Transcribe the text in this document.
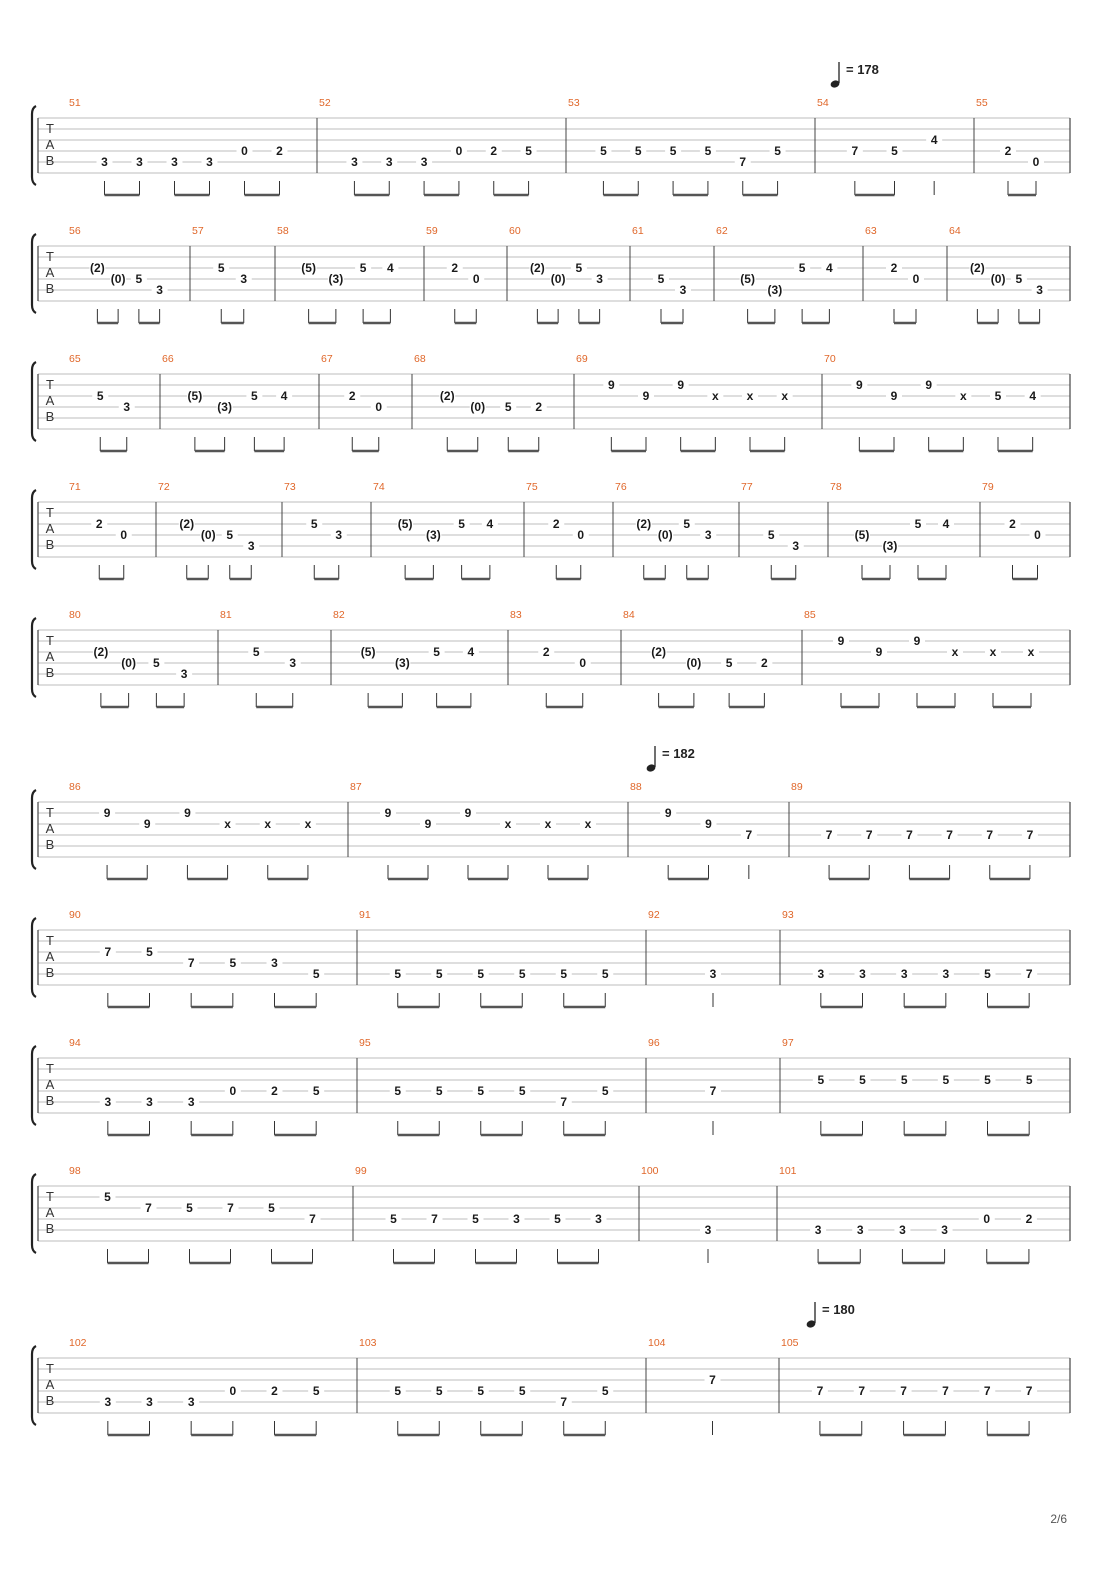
T
A
B
51
3 3 3 3
0 2
52
3 3 3
0 2 5
53
5 5 5 5
7
5
54
7	5
4
55
2
0
T
A
B
56
(2)
(0) 5
3
57
5
3
58
(5)
(3)
5 4
59
2
0
60
(2)
(0)
5
3
61
5
3
62
(5)
(3)
5 4
63
2
0
64
(2)
(0) 5
3
T
A
B
65
5
3
66
(5)
(3)
5 4
67
2
0
68
(2)
(0) 5 2
69
9
9
9
x x x
70
9
9
9
x 5 4
T
A
B
71
2
0
72
(2)
(0) 5
3
73
5
3
74
(5)
(3)
5 4
75
2
0
76
(2)
(0)
5
3
77
5
3
78
(5)
(3)
5 4
79
2
0
T
A
B
80
(2)
(0) 5
3
81
5
3
82
(5)
(3)
5 4
83
2
0
84
(2)
(0) 5 2
85
9
9
9
x	x	x
T
A
B
86
9
9
9
x	x	x
87
9
9
9
x	x	x
88
9
9
7
89
7	7	7	7	7	7
T
A
B
90
7	5
7	5	3
5
91
5	5	5	5	5	5
92
3
93
3	3	3	3	5	7
T
A
B
94
3	3	3
0	2	5
95
5	5	5	5
7
5
96
7
97
5	5	5	5	5	5
T
A
B
98
5
7	5	7	5
7
99
5	7	5	3	5	3
100
3
101
3	3	3	3
0	2
T
A
B
102
3	3	3
0	2	5
103
5	5	5	5
7
5
104
7
105
7	7	7	7	7	7
= 178
= 182
= 180
2/6
